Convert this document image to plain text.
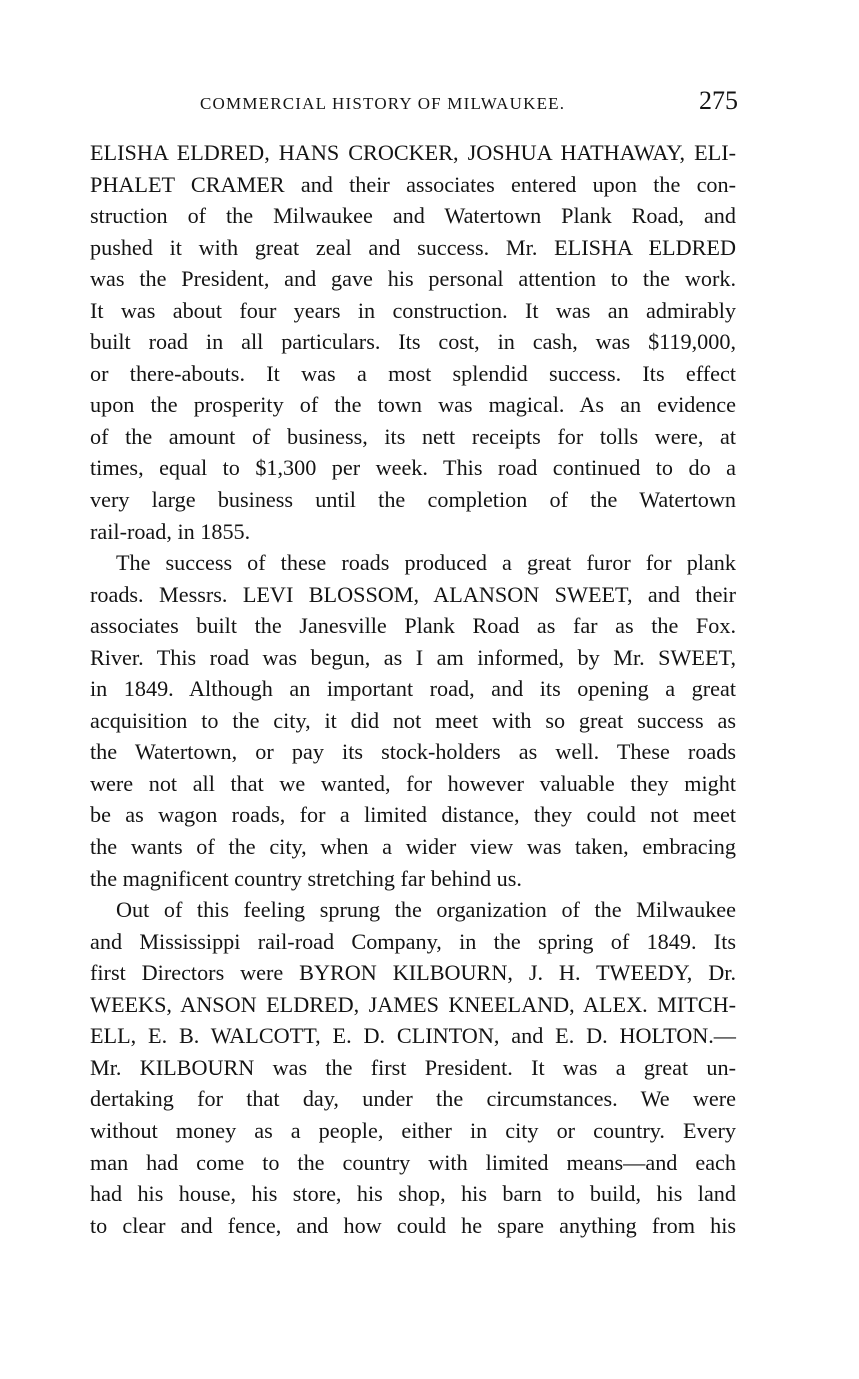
COMMERCIAL HISTORY OF MILWAUKEE.	275

ELISHA ELDRED, HANS CROCKER, JOSHUA HATHAWAY, ELI-
PHALET CRAMER and their associates entered upon the con-
struction of the Milwaukee and Watertown Plank Road, and
pushed it with great zeal and success. Mr. ELISHA ELDRED
was the President, and gave his personal attention to the work.
It was about four years in construction. It was an admirably
built road in all particulars. Its cost, in cash, was $119,000,
or there-abouts. It was a most splendid success. Its effect
upon the prosperity of the town was magical. As an evidence
of the amount of business, its nett receipts for tolls were, at
times, equal to $1,300 per week. This road continued to do a
very large business until the completion of the Watertown
rail-road, in 1855.

The success of these roads produced a great furor for plank
roads. Messrs. LEVI BLOSSOM, ALANSON SWEET, and their
associates built the Janesville Plank Road as far as the Fox.
River. This road was begun, as I am informed, by Mr. SWEET,
in 1849. Although an important road, and its opening a great
acquisition to the city, it did not meet with so great success as
the Watertown, or pay its stock-holders as well. These roads
were not all that we wanted, for however valuable they might
be as wagon roads, for a limited distance, they could not meet
the wants of the city, when a wider view was taken, embracing
the magnificent country stretching far behind us.

Out of this feeling sprung the organization of the Milwaukee
and Mississippi rail-road Company, in the spring of 1849. Its
first Directors were BYRON KILBOURN, J. H. TWEEDY, Dr.
WEEKS, ANSON ELDRED, JAMES KNEELAND, ALEX. MITCH-
ELL, E. B. WALCOTT, E. D. CLINTON, and E. D. HOLTON.—
Mr. KILBOURN was the first President. It was a great un-
dertaking for that day, under the circumstances. We were
without money as a people, either in city or country. Every
man had come to the country with limited means—and each
had his house, his store, his shop, his barn to build, his land
to clear and fence, and how could he spare anything from his
